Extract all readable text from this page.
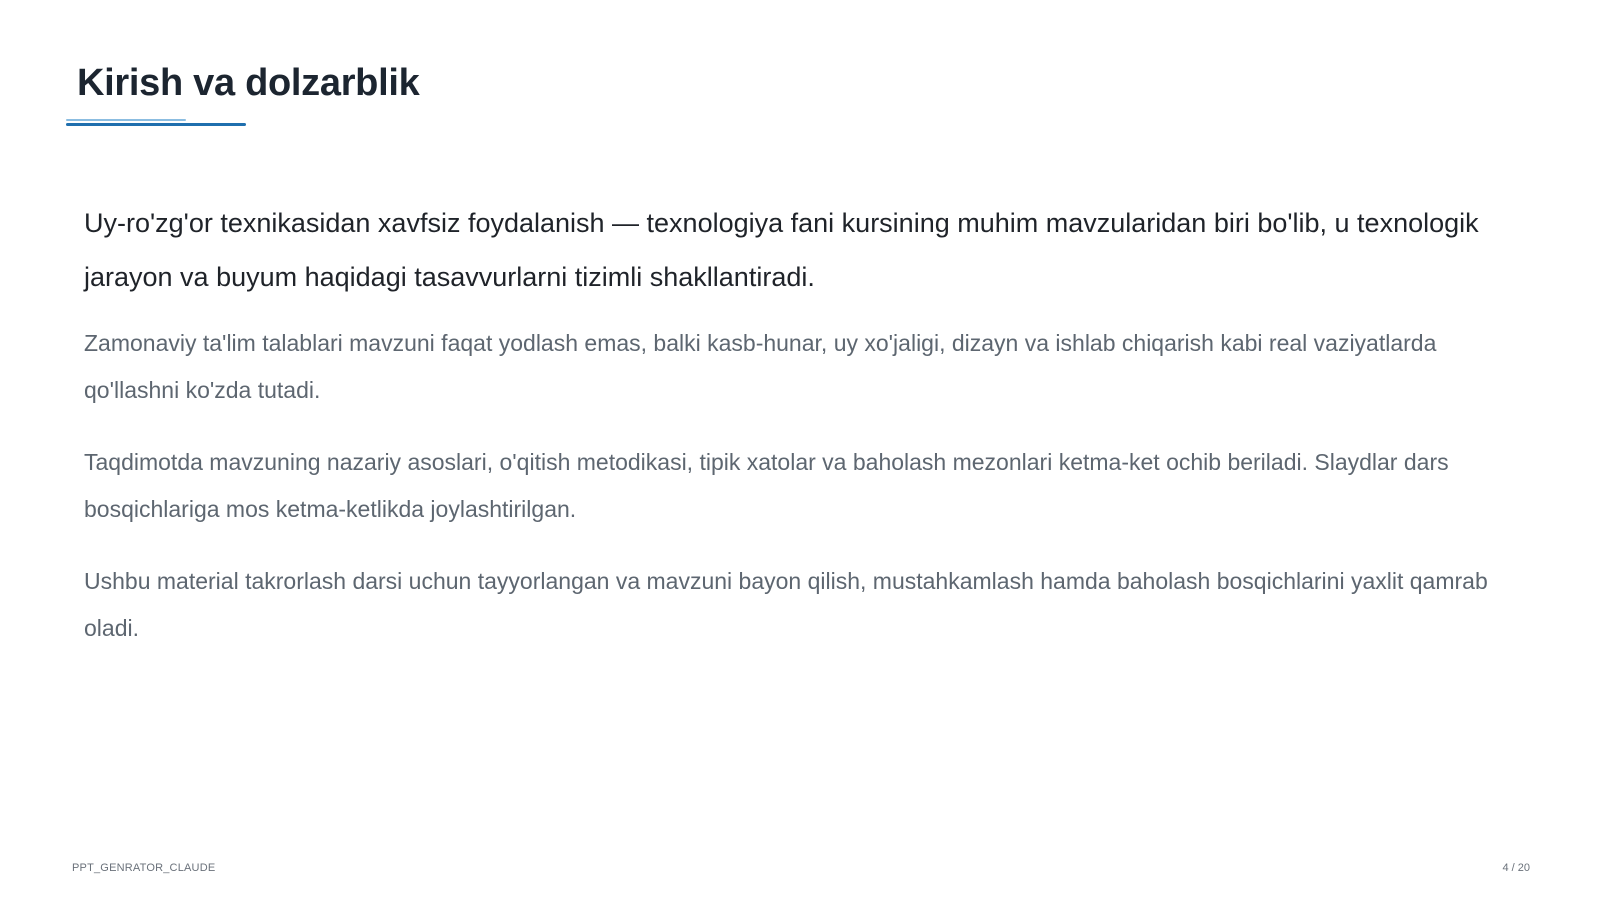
Kirish va dolzarblik

Uy-ro'zg'or texnikasidan xavfsiz foydalanish — texnologiya fani kursining muhim mavzularidan biri bo'lib, u texnologik jarayon va buyum haqidagi tasavvurlarni tizimli shakllantiradi.

Zamonaviy ta'lim talablari mavzuni faqat yodlash emas, balki kasb-hunar, uy xo'jaligi, dizayn va ishlab chiqarish kabi real vaziyatlarda qo'llashni ko'zda tutadi.

Taqdimotda mavzuning nazariy asoslari, o'qitish metodikasi, tipik xatolar va baholash mezonlari ketma-ket ochib beriladi. Slaydlar dars bosqichlariga mos ketma-ketlikda joylashtirilgan.

Ushbu material takrorlash darsi uchun tayyorlangan va mavzuni bayon qilish, mustahkamlash hamda baholash bosqichlarini yaxlit qamrab oladi.

PPT_GENRATOR_CLAUDE	4 / 20
